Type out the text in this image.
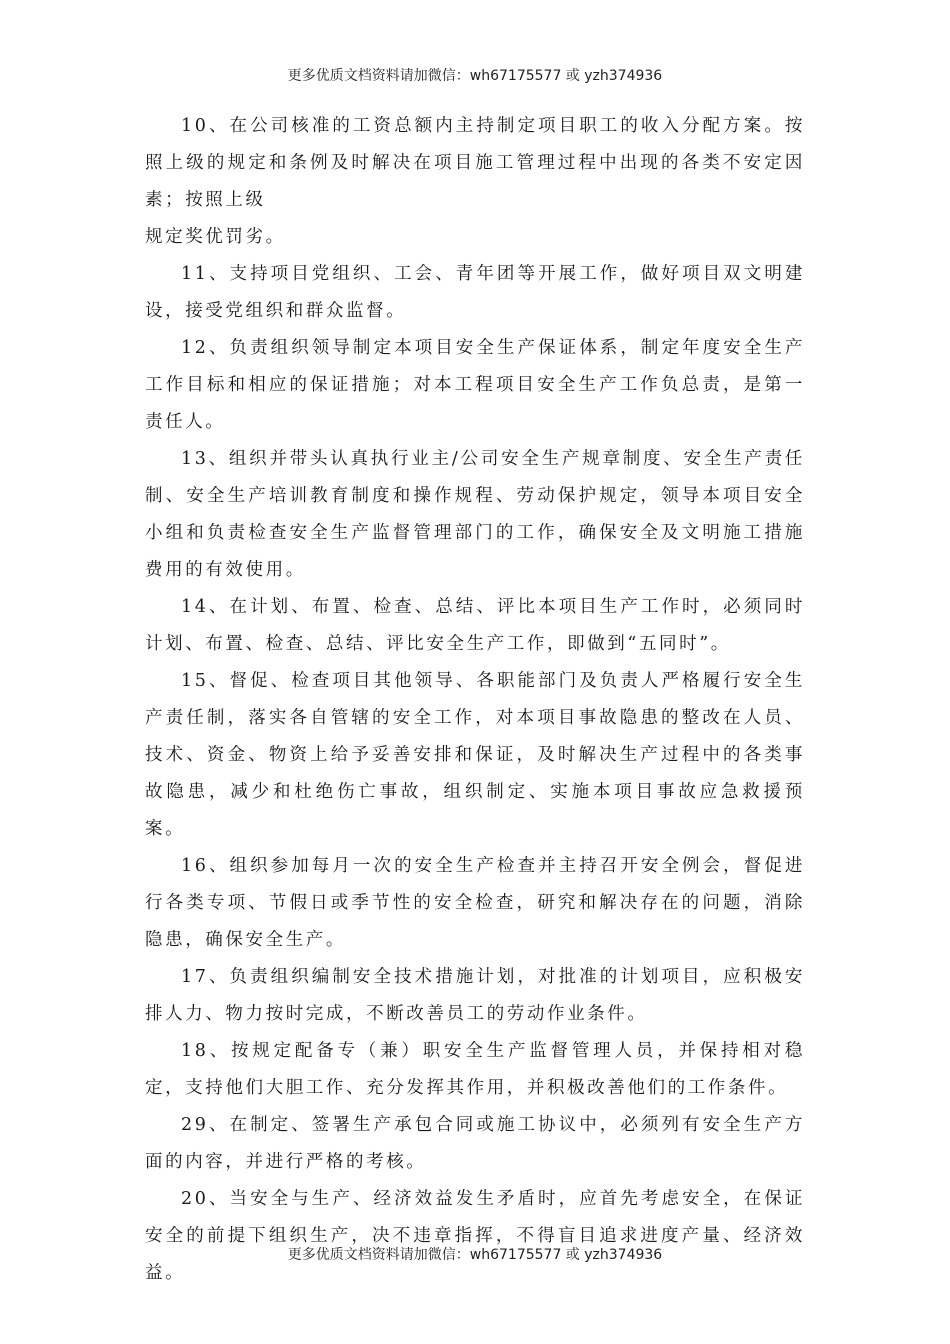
更多优质文档资料请加微信：wh67175577 或 yzh374936

10、在公司核准的工资总额内主持制定项目职工的收入分配方案。按照上级的规定和条例及时解决在项目施工管理过程中出现的各类不安定因素；按照上级

规定奖优罚劣。

11、支持项目党组织、工会、青年团等开展工作，做好项目双文明建设，接受党组织和群众监督。

12、负责组织领导制定本项目安全生产保证体系，制定年度安全生产工作目标和相应的保证措施；对本工程项目安全生产工作负总责，是第一责任人。

13、组织并带头认真执行业主/公司安全生产规章制度、安全生产责任制、安全生产培训教育制度和操作规程、劳动保护规定，领导本项目安全小组和负责检查安全生产监督管理部门的工作，确保安全及文明施工措施费用的有效使用。

14、在计划、布置、检查、总结、评比本项目生产工作时，必须同时计划、布置、检查、总结、评比安全生产工作，即做到“五同时”。

15、督促、检查项目其他领导、各职能部门及负责人严格履行安全生产责任制，落实各自管辖的安全工作，对本项目事故隐患的整改在人员、技术、资金、物资上给予妥善安排和保证，及时解决生产过程中的各类事故隐患，减少和杜绝伤亡事故，组织制定、实施本项目事故应急救援预案。

16、组织参加每月一次的安全生产检查并主持召开安全例会，督促进行各类专项、节假日或季节性的安全检查，研究和解决存在的问题，消除隐患，确保安全生产。

17、负责组织编制安全技术措施计划，对批准的计划项目，应积极安排人力、物力按时完成，不断改善员工的劳动作业条件。

18、按规定配备专（兼）职安全生产监督管理人员，并保持相对稳定，支持他们大胆工作、充分发挥其作用，并积极改善他们的工作条件。

29、在制定、签署生产承包合同或施工协议中，必须列有安全生产方面的内容，并进行严格的考核。

20、当安全与生产、经济效益发生矛盾时，应首先考虑安全，在保证安全的前提下组织生产，决不违章指挥，不得盲目追求进度产量、经济效益。

更多优质文档资料请加微信：wh67175577 或 yzh374936
